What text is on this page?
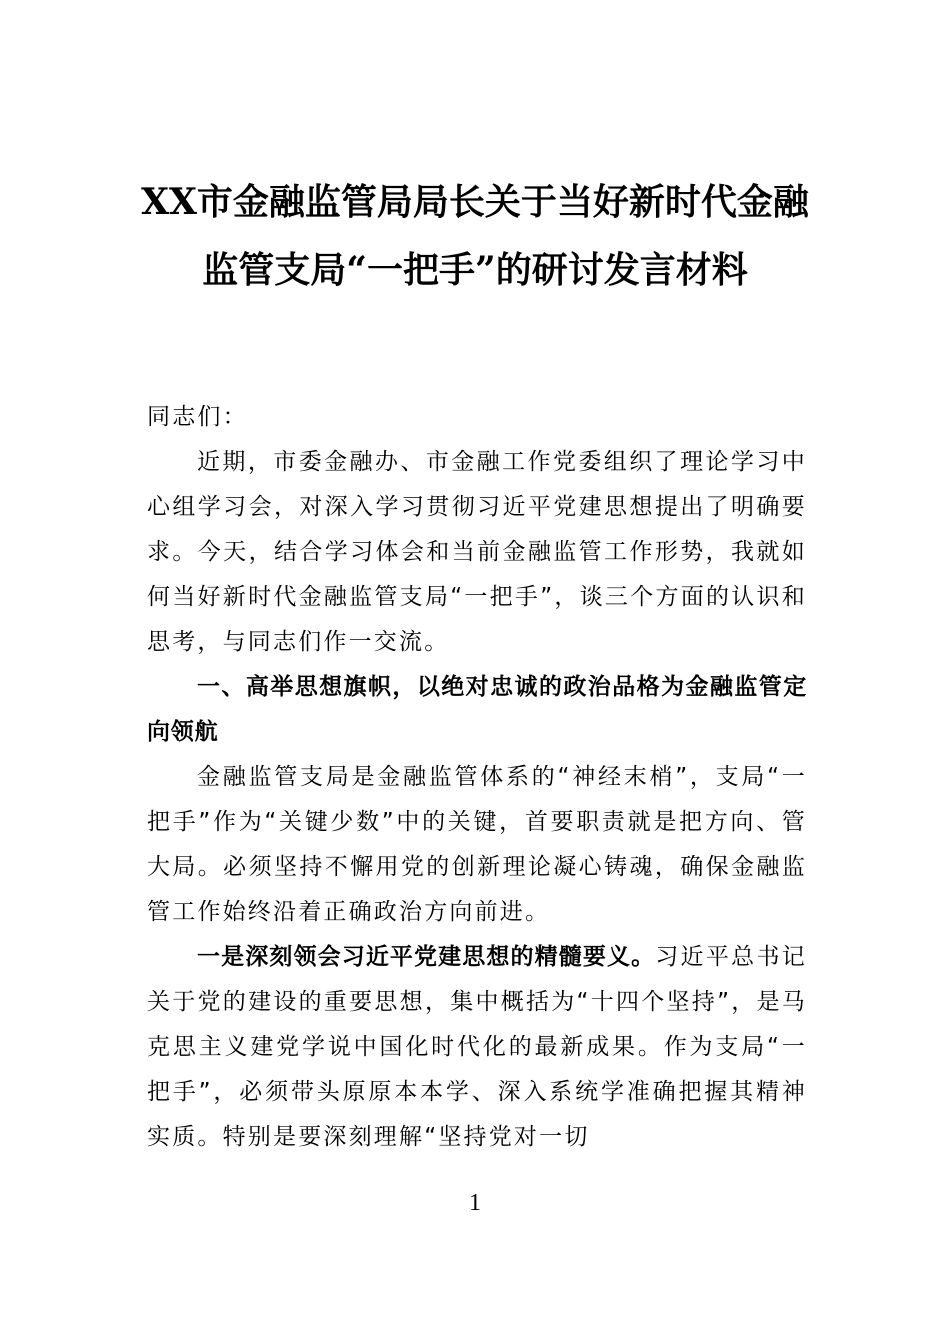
XX市金融监管局局长关于当好新时代金融
监管支局“一把手”的研讨发言材料

同志们：

近期，市委金融办、市金融工作党委组织了理论学习中心组学习会，对深入学习贯彻习近平党建思想提出了明确要求。今天，结合学习体会和当前金融监管工作形势，我就如何当好新时代金融监管支局“一把手”，谈三个方面的认识和思考，与同志们作一交流。

一、高举思想旗帜，以绝对忠诚的政治品格为金融监管定向领航

金融监管支局是金融监管体系的“神经末梢”，支局“一把手”作为“关键少数”中的关键，首要职责就是把方向、管大局。必须坚持不懈用党的创新理论凝心铸魂，确保金融监管工作始终沿着正确政治方向前进。

一是深刻领会习近平党建思想的精髓要义。习近平总书记关于党的建设的重要思想，集中概括为“十四个坚持”，是马克思主义建党学说中国化时代化的最新成果。作为支局“一把手”，必须带头原原本本学、深入系统学准确把握其精神实质。特别是要深刻理解“坚持党对一切

1
